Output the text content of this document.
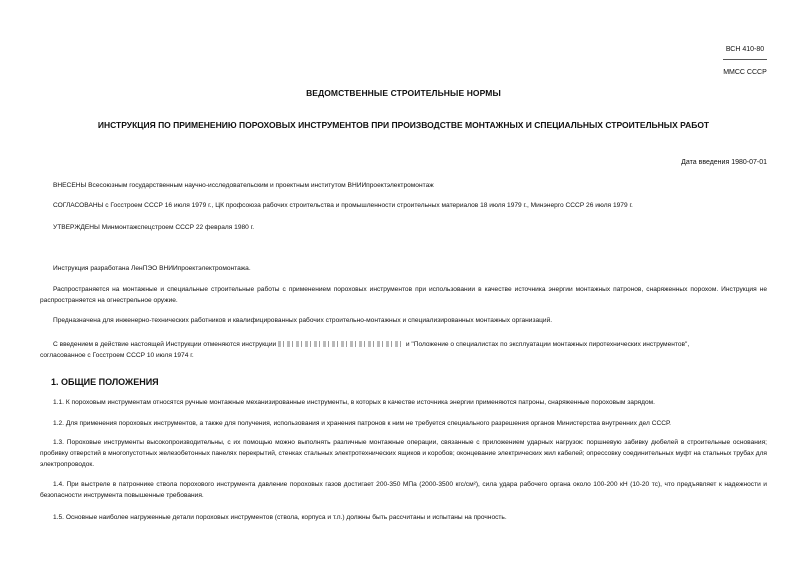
ВСН 410-80
ММСС СССР
ВЕДОМСТВЕННЫЕ СТРОИТЕЛЬНЫЕ НОРМЫ
ИНСТРУКЦИЯ ПО ПРИМЕНЕНИЮ ПОРОХОВЫХ ИНСТРУМЕНТОВ ПРИ ПРОИЗВОДСТВЕ МОНТАЖНЫХ И СПЕЦИАЛЬНЫХ СТРОИТЕЛЬНЫХ РАБОТ
Дата введения 1980-07-01
ВНЕСЕНЫ Всесоюзным государственным научно-исследовательским и проектным институтом ВНИИпроектэлектромонтаж
СОГЛАСОВАНЫ с Госстроем СССР 16 июля 1979 г., ЦК профсоюза рабочих строительства и промышленности строительных материалов 18 июля 1979 г., Минэнерго СССР 26 июля 1979 г.
УТВЕРЖДЕНЫ Минмонтажспецстроем СССР 22 февраля 1980 г.
Инструкция разработана ЛенПЭО ВНИИпроектэлектромонтажа.
Распространяется на монтажные и специальные строительные работы с применением пороховых инструментов при использовании в качестве источника энергии монтажных патронов, снаряженных порохом. Инструкция не распространяется на огнестрельное оружие.
Предназначена для инженерно-технических работников и квалифицированных рабочих строительно-монтажных и специализированных монтажных организаций.
С введением в действие настоящей Инструкции отменяются инструкции	и "Положение о специалистах по эксплуатации монтажных пиротехнических инструментов",
согласованное с Госстроем СССР 10 июля 1974 г.
1. ОБЩИЕ ПОЛОЖЕНИЯ
1.1. К пороховым инструментам относятся ручные монтажные механизированные инструменты, в которых в качестве источника энергии применяются патроны, снаряженные пороховым зарядом.
1.2. Для применения пороховых инструментов, а также для получения, использования и хранения патронов к ним не требуется специального разрешения органов Министерства внутренних дел СССР.
1.3. Пороховые инструменты высокопроизводительны, с их помощью можно выполнять различные монтажные операции, связанные с приложением ударных нагрузок: поршневую забивку дюбелей в строительные основания; пробивку отверстий в многопустотных железобетонных панелях перекрытий, стенках стальных электротехнических ящиков и коробов; оконцевание электрических жил кабелей; опрессовку соединительных муфт на стальных трубах для электропроводок.
1.4. При выстреле в патроннике ствола порохового инструмента давление пороховых газов достигает 200-350 МПа (2000-3500 кгс/см²), сила удара рабочего органа около 100-200 кН (10-20 тс), что предъявляет к надежности и безопасности инструмента повышенные требования.
1.5. Основные наиболее нагруженные детали пороховых инструментов (ствола, корпуса и т.п.) должны быть рассчитаны и испытаны на прочность.
